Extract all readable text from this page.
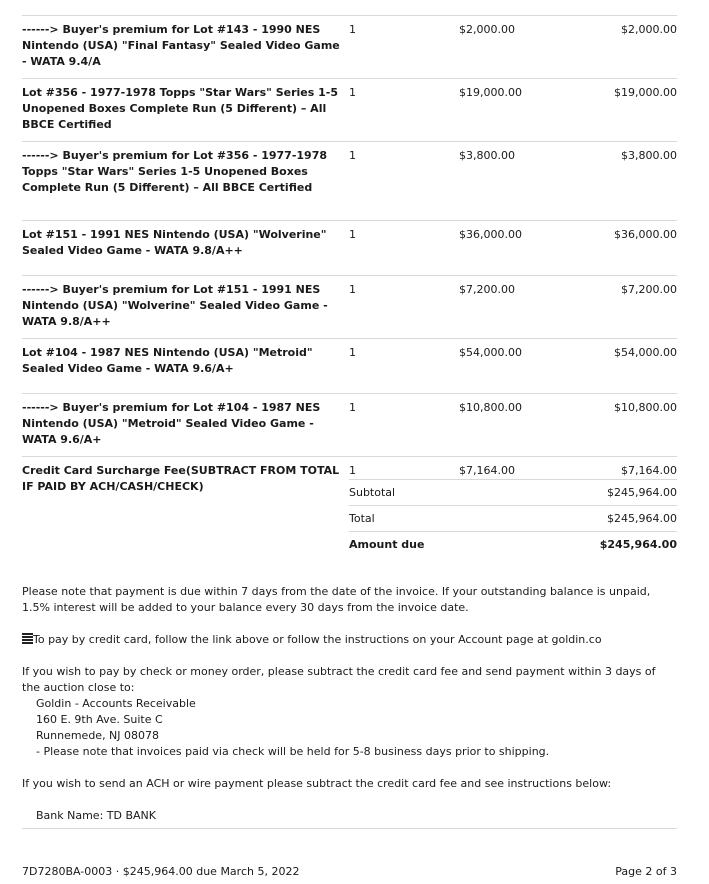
------> Buyer's premium for Lot #143 - 1990 NES Nintendo (USA) "Final Fantasy" Sealed Video Game - WATA 9.4/A
1	$2,000.00	$2,000.00
Lot #356 - 1977-1978 Topps "Star Wars" Series 1-5 Unopened Boxes Complete Run (5 Different) – All BBCE Certified
1	$19,000.00	$19,000.00
------> Buyer's premium for Lot #356 - 1977-1978 Topps "Star Wars" Series 1-5 Unopened Boxes Complete Run (5 Different) – All BBCE Certified
1	$3,800.00	$3,800.00
Lot #151 - 1991 NES Nintendo (USA) "Wolverine" Sealed Video Game - WATA 9.8/A++
1	$36,000.00	$36,000.00
------> Buyer's premium for Lot #151 - 1991 NES Nintendo (USA) "Wolverine" Sealed Video Game - WATA 9.8/A++
1	$7,200.00	$7,200.00
Lot #104 - 1987 NES Nintendo (USA) "Metroid" Sealed Video Game - WATA 9.6/A+
1	$54,000.00	$54,000.00
------> Buyer's premium for Lot #104 - 1987 NES Nintendo (USA) "Metroid" Sealed Video Game - WATA 9.6/A+
1	$10,800.00	$10,800.00
Credit Card Surcharge Fee(SUBTRACT FROM TOTAL IF PAID BY ACH/CASH/CHECK)
1	$7,164.00	$7,164.00
Subtotal	$245,964.00
Total	$245,964.00
Amount due	$245,964.00
Please note that payment is due within 7 days from the date of the invoice. If your outstanding balance is unpaid, 1.5% interest will be added to your balance every 30 days from the invoice date.
To pay by credit card, follow the link above or follow the instructions on your Account page at goldin.co
If you wish to pay by check or money order, please subtract the credit card fee and send payment within 3 days of the auction close to:
Goldin - Accounts Receivable
160 E. 9th Ave. Suite C
Runnemede, NJ 08078
- Please note that invoices paid via check will be held for 5-8 business days prior to shipping.
If you wish to send an ACH or wire payment please subtract the credit card fee and see instructions below:
Bank Name: TD BANK
7D7280BA-0003 · $245,964.00 due March 5, 2022	Page 2 of 3
